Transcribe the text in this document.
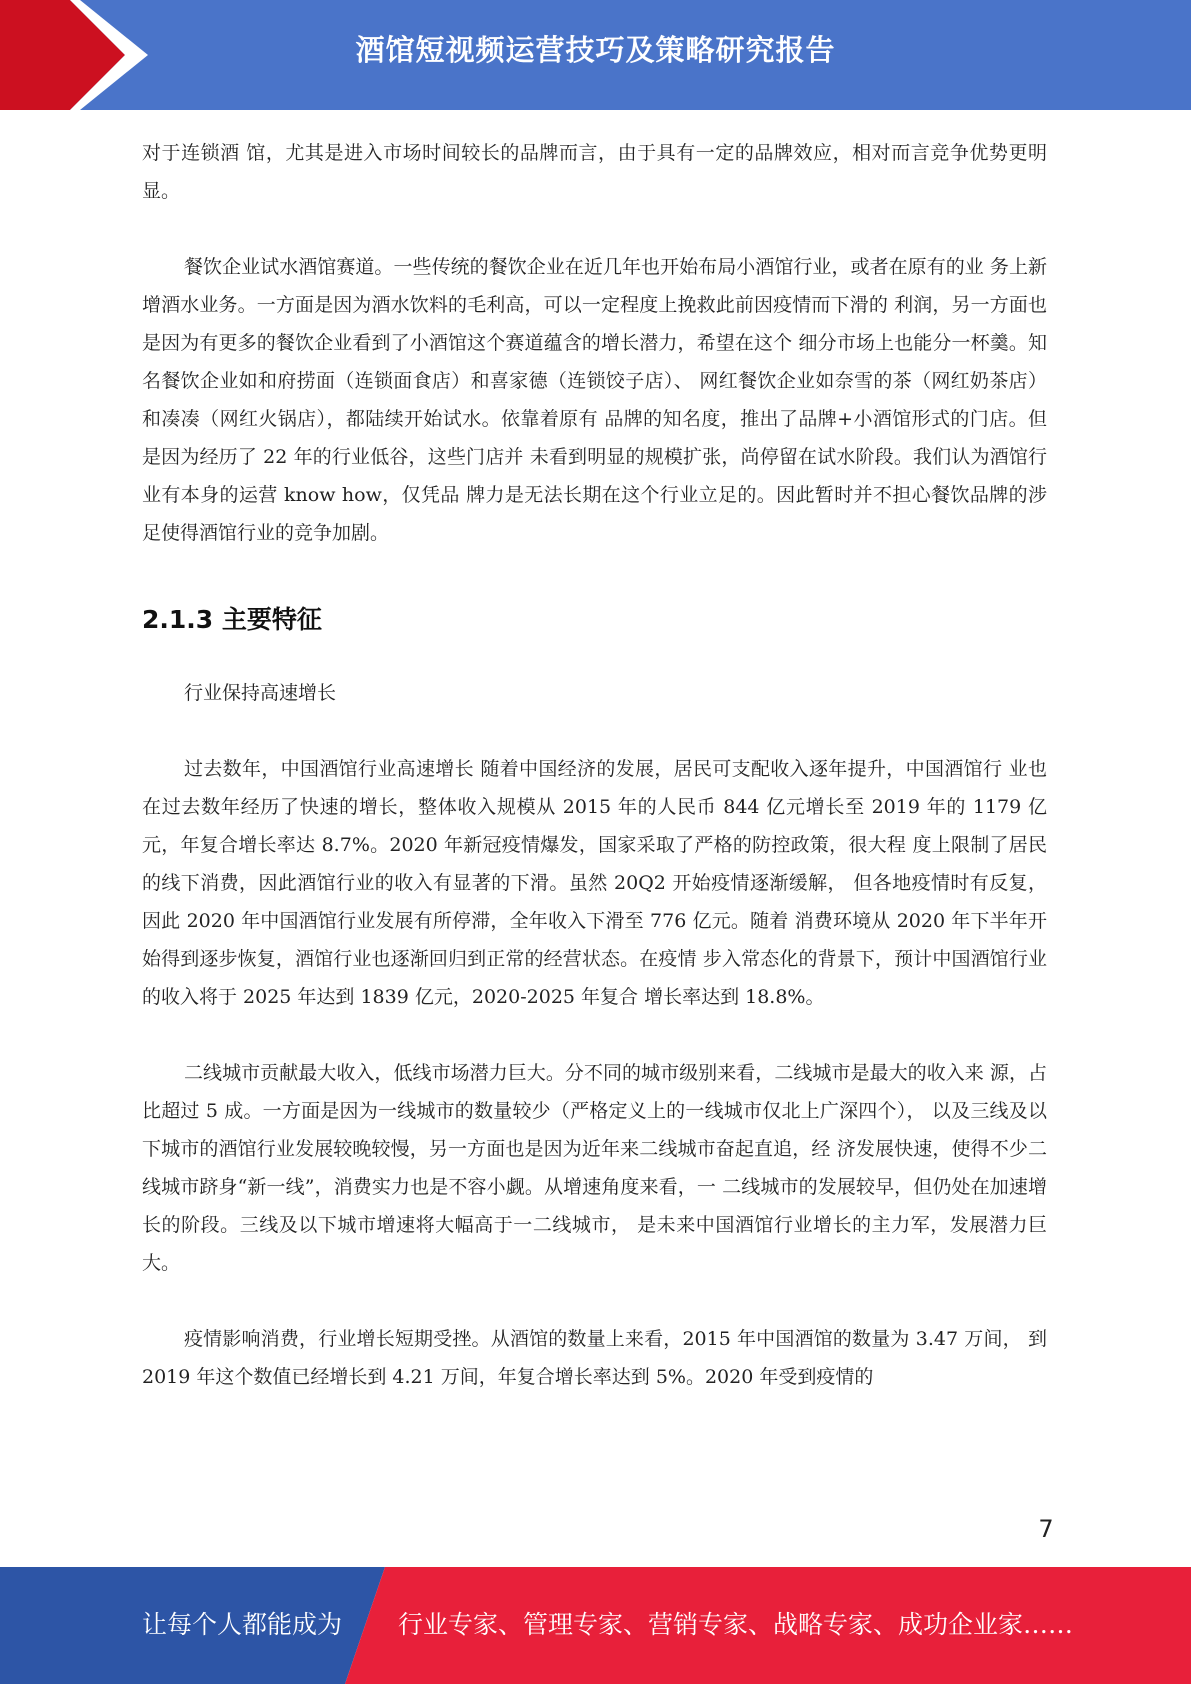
酒馆短视频运营技巧及策略研究报告

对于连锁酒 馆，尤其是进入市场时间较长的品牌而言，由于具有一定的品牌效应，相对而言竞争优势更明显。

餐饮企业试水酒馆赛道。一些传统的餐饮企业在近几年也开始布局小酒馆行业，或者在原有的业 务上新增酒水业务。一方面是因为酒水饮料的毛利高，可以一定程度上挽救此前因疫情而下滑的 利润，另一方面也是因为有更多的餐饮企业看到了小酒馆这个赛道蕴含的增长潜力，希望在这个 细分市场上也能分一杯羹。知名餐饮企业如和府捞面（连锁面食店）和喜家德（连锁饺子店）、 网红餐饮企业如奈雪的茶（网红奶茶店）和凑凑（网红火锅店），都陆续开始试水。依靠着原有 品牌的知名度，推出了品牌+小酒馆形式的门店。但是因为经历了 22 年的行业低谷，这些门店并 未看到明显的规模扩张，尚停留在试水阶段。我们认为酒馆行业有本身的运营 know how，仅凭品 牌力是无法长期在这个行业立足的。因此暂时并不担心餐饮品牌的涉足使得酒馆行业的竞争加剧。

2.1.3 主要特征

行业保持高速增长

过去数年，中国酒馆行业高速增长 随着中国经济的发展，居民可支配收入逐年提升，中国酒馆行 业也在过去数年经历了快速的增长，整体收入规模从 2015 年的人民币 844 亿元增长至 2019 年的 1179 亿元，年复合增长率达 8.7%。2020 年新冠疫情爆发，国家采取了严格的防控政策，很大程 度上限制了居民的线下消费，因此酒馆行业的收入有显著的下滑。虽然 20Q2 开始疫情逐渐缓解， 但各地疫情时有反复，因此 2020 年中国酒馆行业发展有所停滞，全年收入下滑至 776 亿元。随着 消费环境从 2020 年下半年开始得到逐步恢复，酒馆行业也逐渐回归到正常的经营状态。在疫情 步入常态化的背景下，预计中国酒馆行业的收入将于 2025 年达到 1839 亿元，2020-2025 年复合 增长率达到 18.8%。

二线城市贡献最大收入，低线市场潜力巨大。分不同的城市级别来看，二线城市是最大的收入来 源，占比超过 5 成。一方面是因为一线城市的数量较少（严格定义上的一线城市仅北上广深四个）， 以及三线及以下城市的酒馆行业发展较晚较慢，另一方面也是因为近年来二线城市奋起直追，经 济发展快速，使得不少二线城市跻身“新一线”，消费实力也是不容小觑。从增速角度来看，一 二线城市的发展较早，但仍处在加速增长的阶段。三线及以下城市增速将大幅高于一二线城市， 是未来中国酒馆行业增长的主力军，发展潜力巨大。

疫情影响消费，行业增长短期受挫。从酒馆的数量上来看，2015 年中国酒馆的数量为 3.47 万间， 到 2019 年这个数值已经增长到 4.21 万间，年复合增长率达到 5%。2020 年受到疫情的

7
让每个人都能成为 行业专家、管理专家、营销专家、战略专家、成功企业家……
